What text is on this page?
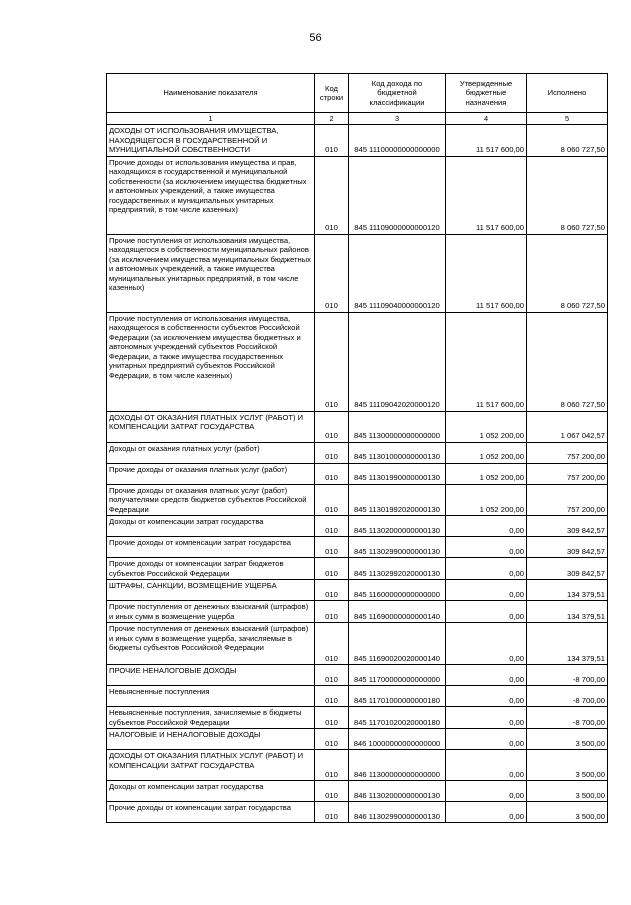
56
Наименование показателя	Код строки	Код дохода по бюджетной классификации	Утвержденные бюджетные назначения	Исполнено
1	2	3	4	5
ДОХОДЫ ОТ ИСПОЛЬЗОВАНИЯ ИМУЩЕСТВА, НАХОДЯЩЕГОСЯ В ГОСУДАРСТВЕННОЙ И МУНИЦИПАЛЬНОЙ СОБСТВЕННОСТИ	010	845 11100000000000000	11 517 600,00	8 060 727,50
Прочие доходы от использования имущества и прав, находящихся в государственной и муниципальной собственности (за исключением имущества бюджетных и автономных учреждений, а также имущества государственных и муниципальных унитарных предприятий, в том числе казенных)	010	845 11109000000000120	11 517 600,00	8 060 727,50
Прочие поступления от использования имущества, находящегося в собственности муниципальных районов (за исключением имущества муниципальных бюджетных и автономных учреждений, а также имущества муниципальных унитарных предприятий, в том числе казенных)	010	845 11109040000000120	11 517 600,00	8 060 727,50
Прочие поступления от использования имущества, находящегося в собственности субъектов Российской Федерации (за исключением имущества бюджетных и автономных учреждений субъектов Российской Федерации, а также имущества государственных унитарных предприятий субъектов Российской Федерации, в том числе казенных)	010	845 11109042020000120	11 517 600,00	8 060 727,50
ДОХОДЫ ОТ ОКАЗАНИЯ ПЛАТНЫХ УСЛУГ (РАБОТ) И КОМПЕНСАЦИИ ЗАТРАТ ГОСУДАРСТВА	010	845 11300000000000000	1 052 200,00	1 067 042,57
Доходы от оказания платных услуг (работ)	010	845 11301000000000130	1 052 200,00	757 200,00
Прочие доходы от оказания платных услуг (работ)	010	845 11301990000000130	1 052 200,00	757 200,00
Прочие доходы от оказания платных услуг (работ) получателями средств бюджетов субъектов Российской Федерации	010	845 11301992020000130	1 052 200,00	757 200,00
Доходы от компенсации затрат государства	010	845 11302000000000130	0,00	309 842,57
Прочие доходы от компенсации затрат государства	010	845 11302990000000130	0,00	309 842,57
Прочие доходы от компенсации затрат бюджетов субъектов Российской Федерации	010	845 11302992020000130	0,00	309 842,57
ШТРАФЫ, САНКЦИИ, ВОЗМЕЩЕНИЕ УЩЕРБА	010	845 11600000000000000	0,00	134 379,51
Прочие поступления от денежных взысканий (штрафов) и иных сумм в возмещение ущерба	010	845 11690000000000140	0,00	134 379,51
Прочие поступления от денежных взысканий (штрафов) и иных сумм в возмещение ущерба, зачисляемые в бюджеты субъектов Российской Федерации	010	845 11690020020000140	0,00	134 379,51
ПРОЧИЕ НЕНАЛОГОВЫЕ ДОХОДЫ	010	845 11700000000000000	0,00	-8 700,00
Невыясненные поступления	010	845 11701000000000180	0,00	-8 700,00
Невыясненные поступления, зачисляемые в бюджеты субъектов Российской Федерации	010	845 11701020020000180	0,00	-8 700,00
НАЛОГОВЫЕ И НЕНАЛОГОВЫЕ ДОХОДЫ	010	846 10000000000000000	0,00	3 500,00
ДОХОДЫ ОТ ОКАЗАНИЯ ПЛАТНЫХ УСЛУГ (РАБОТ) И КОМПЕНСАЦИИ ЗАТРАТ ГОСУДАРСТВА	010	846 11300000000000000	0,00	3 500,00
Доходы от компенсации затрат государства	010	846 11302000000000130	0,00	3 500,00
Прочие доходы от компенсации затрат государства	010	846 11302990000000130	0,00	3 500,00
